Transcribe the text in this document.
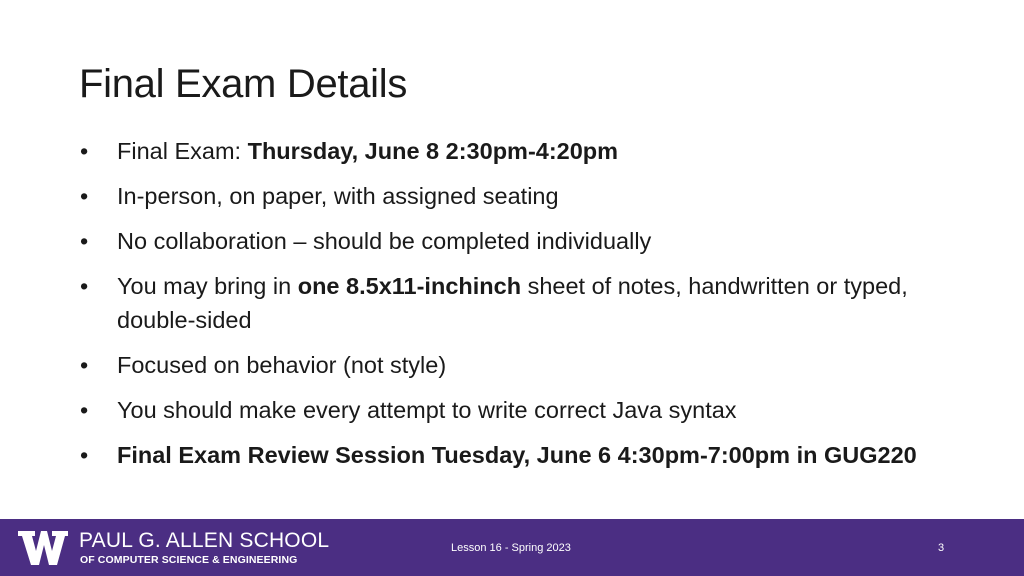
Final Exam Details
•	Final Exam: Thursday, June 8 2:30pm-4:20pm
•	In-person, on paper, with assigned seating
•	No collaboration – should be completed individually
•	You may bring in one 8.5x11-inchinch sheet of notes, handwritten or typed, double-sided
•	Focused on behavior (not style)
•	You should make every attempt to write correct Java syntax
•	Final Exam Review Session Tuesday, June 6 4:30pm-7:00pm in GUG220
PAUL G. ALLEN SCHOOL
OF COMPUTER SCIENCE & ENGINEERING
Lesson 16 - Spring 2023	3
